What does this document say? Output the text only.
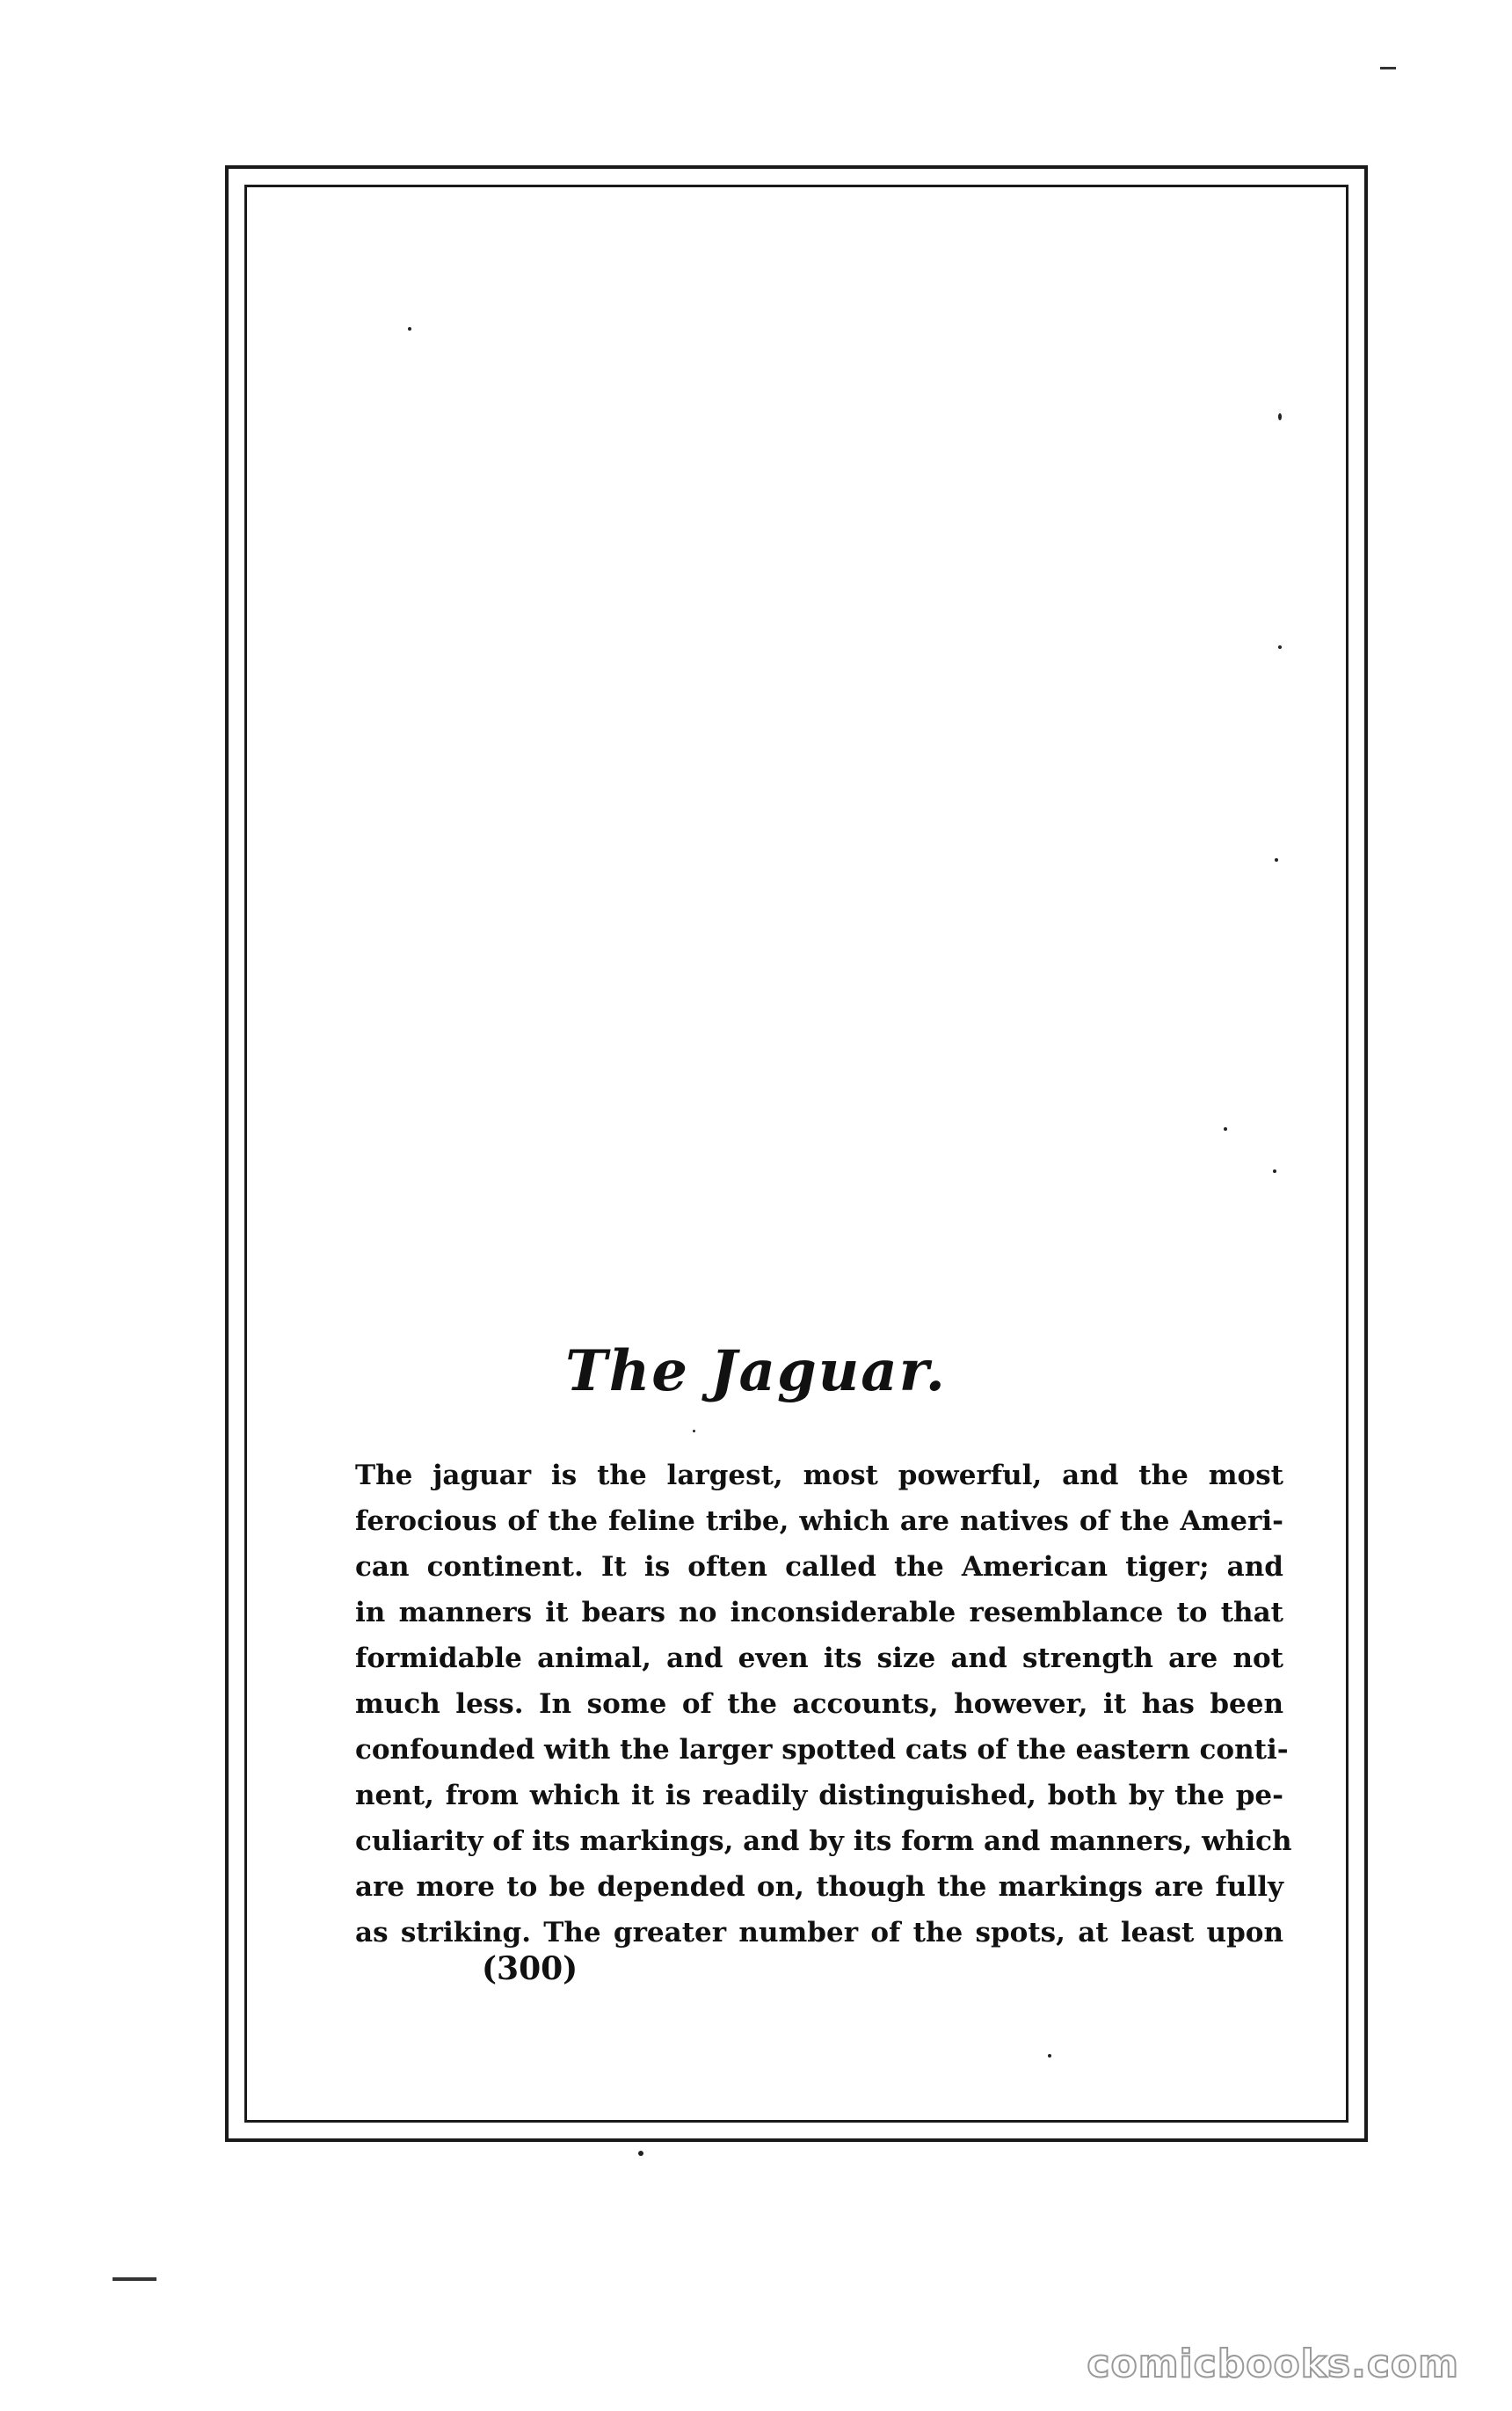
The Jaguar.
The jaguar is the largest, most powerful, and the most
ferocious of the feline tribe, which are natives of the Ameri-
can continent. It is often called the American tiger; and
in manners it bears no inconsiderable resemblance to that
formidable animal, and even its size and strength are not
much less. In some of the accounts, however, it has been
confounded with the larger spotted cats of the eastern conti-
nent, from which it is readily distinguished, both by the pe-
culiarity of its markings, and by its form and manners, which
are more to be depended on, though the markings are fully
as striking. The greater number of the spots, at least upon
(300)
comicbooks.com
